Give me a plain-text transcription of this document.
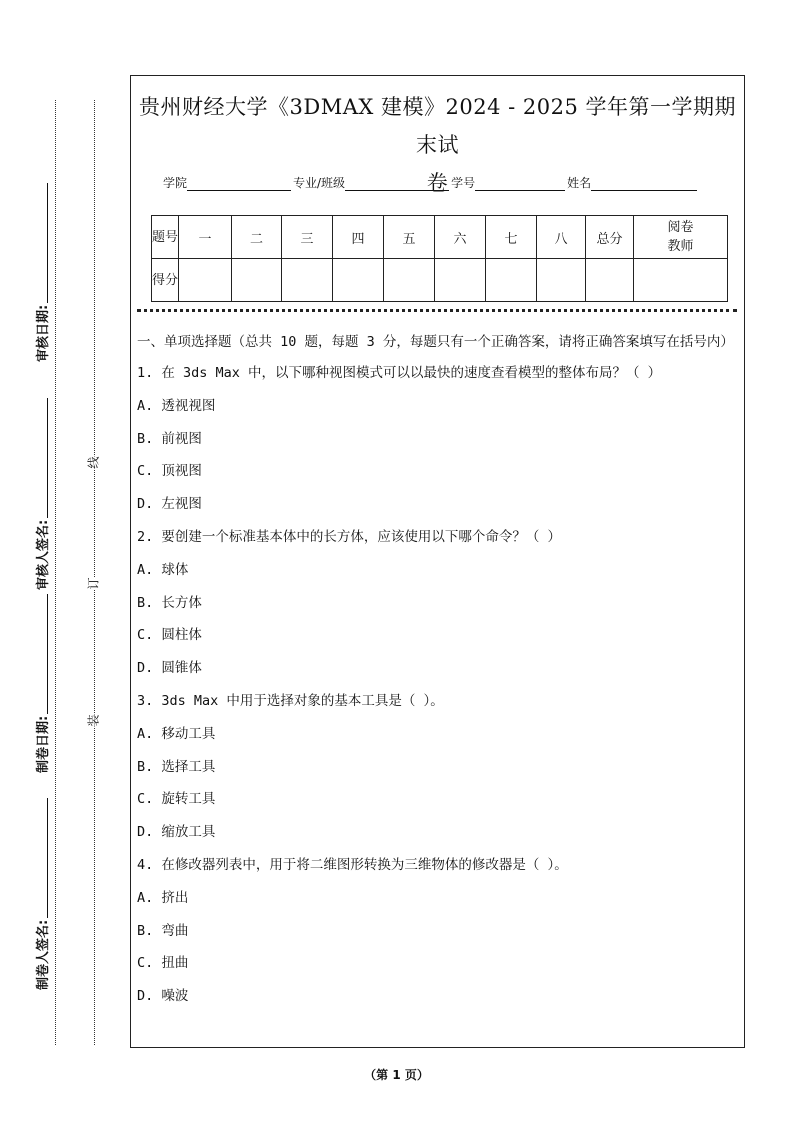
审核日期:
审核人签名:
制卷日期:
制卷人签名:
线
订
装
贵州财经大学《3DMAX 建模》2024 - 2025 学年第一学期期末试
卷
学院	专业/班级	学号	姓名
题号	一	二	三	四	五	六	七	八	总分	阅卷教师
得分										

一、单项选择题（总共 10 题，每题 3 分，每题只有一个正确答案，请将正确答案填写在括号内）

1. 在 3ds Max 中，以下哪种视图模式可以以最快的速度查看模型的整体布局？（ ）
A. 透视视图
B. 前视图
C. 顶视图
D. 左视图
2. 要创建一个标准基本体中的长方体，应该使用以下哪个命令？（ ）
A. 球体
B. 长方体
C. 圆柱体
D. 圆锥体
3. 3ds Max 中用于选择对象的基本工具是（ ）。
A. 移动工具
B. 选择工具
C. 旋转工具
D. 缩放工具
4. 在修改器列表中，用于将二维图形转换为三维物体的修改器是（ ）。
A. 挤出
B. 弯曲
C. 扭曲
D. 噪波
（第 1 页）
